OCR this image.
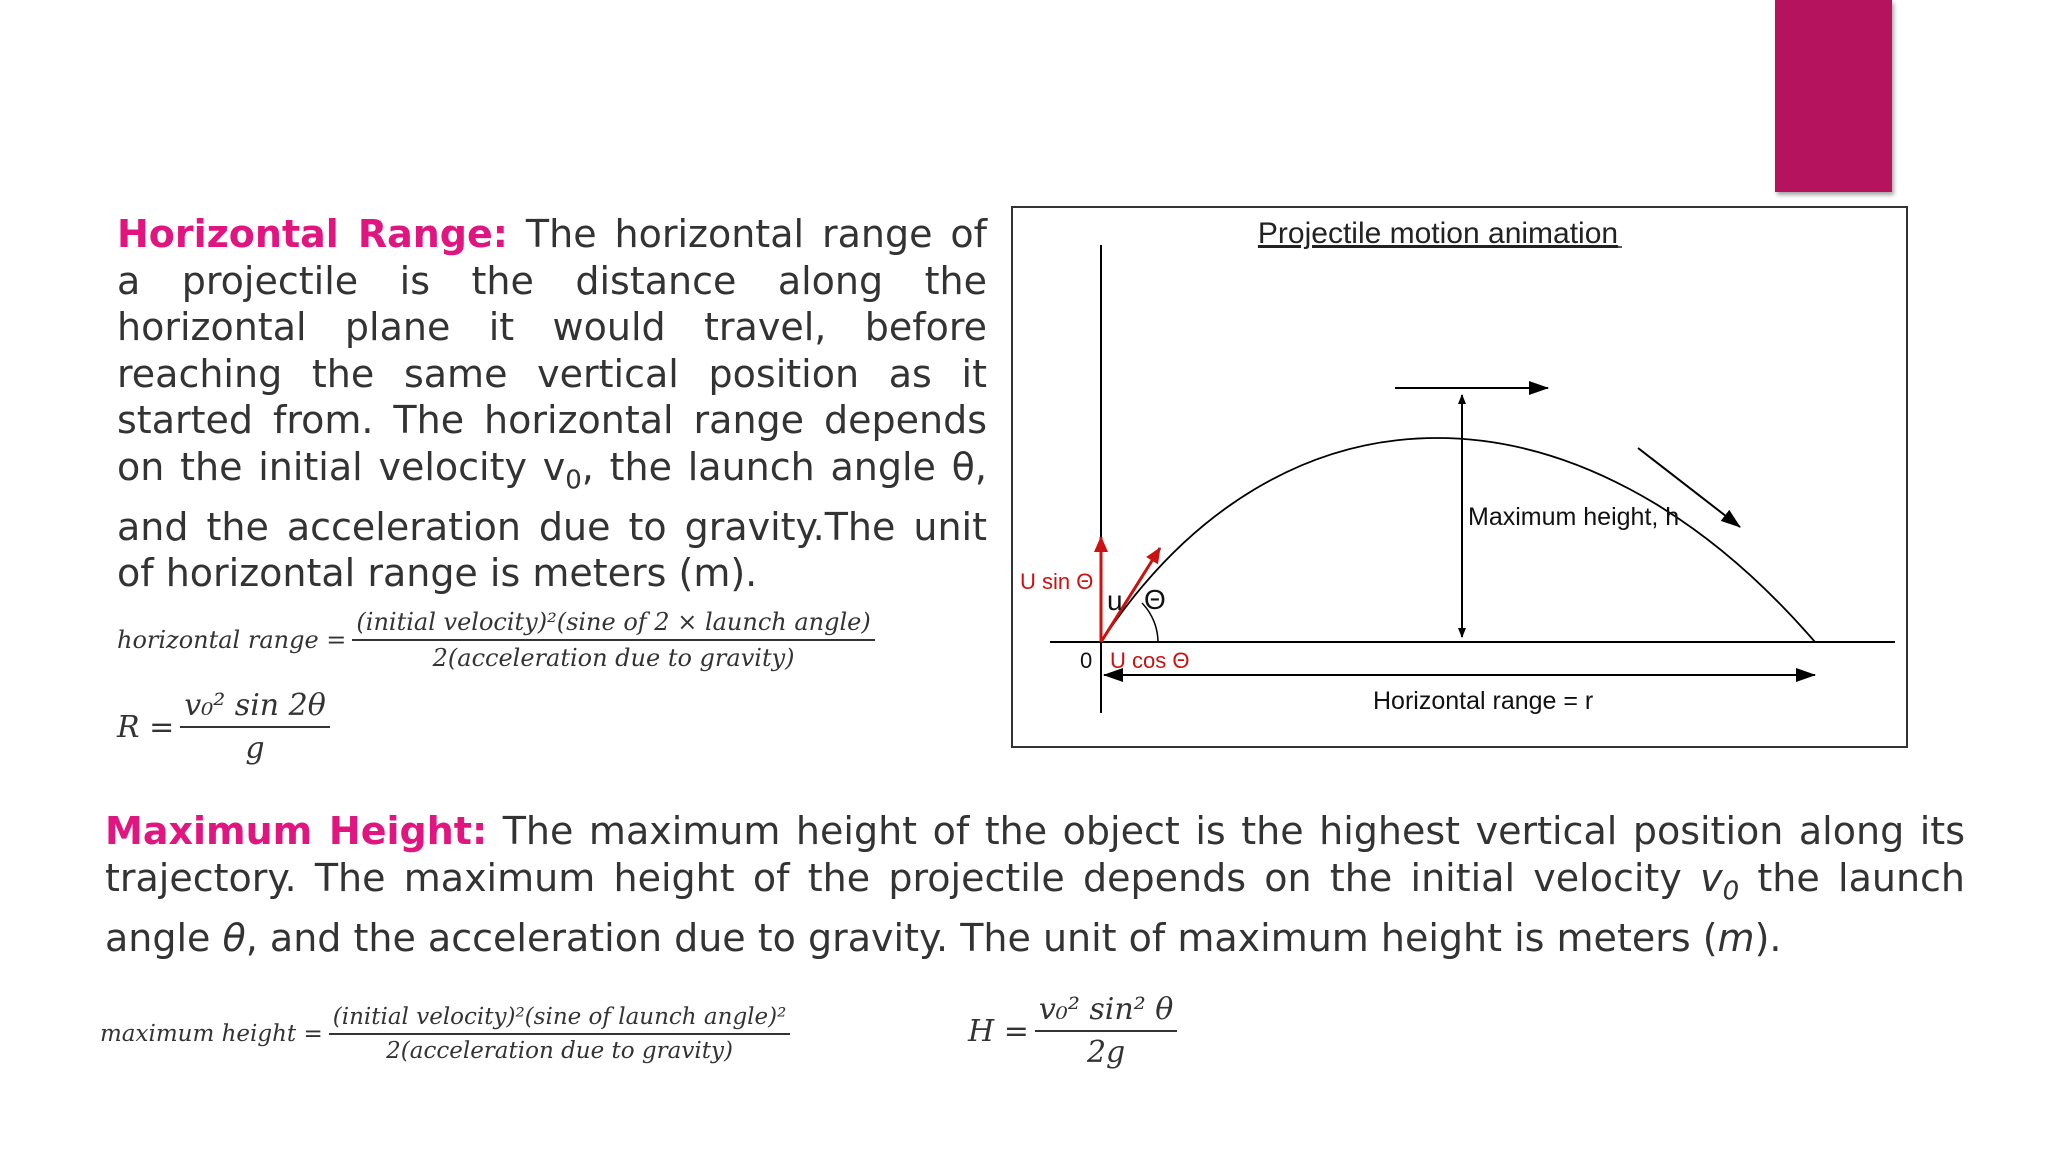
Horizontal Range: The horizontal range of a projectile is the distance along the horizontal plane it would travel, before reaching the same vertical position as it started from. The horizontal range depends on the initial velocity $v_0$, the launch angle θ, and the acceleration due to gravity.The unit of horizontal range is meters (m).
horizontal range = $\frac{\text{(initial velocity)²(sine of 2 × launch angle)}}{\text{2(acceleration due to gravity)}}$
$R = \frac{\text{v₀² sin 2θ}}{g}$
Projectile motion animation
Maximum height, h
Horizontal range = r
U sin Θ
U cos Θ
u Θ
0
Maximum Height: The maximum height of the object is the highest vertical position along its trajectory. The maximum height of the projectile depends on the initial velocity $v_0$ the launch angle θ, and the acceleration due to gravity. The unit of maximum height is meters (m).
maximum height = $\frac{\text{(initial velocity)²(sine of launch angle)²}}{\text{2(acceleration due to gravity)}}$	$H = \frac{\text{v₀² sin² θ}}{2g}$
